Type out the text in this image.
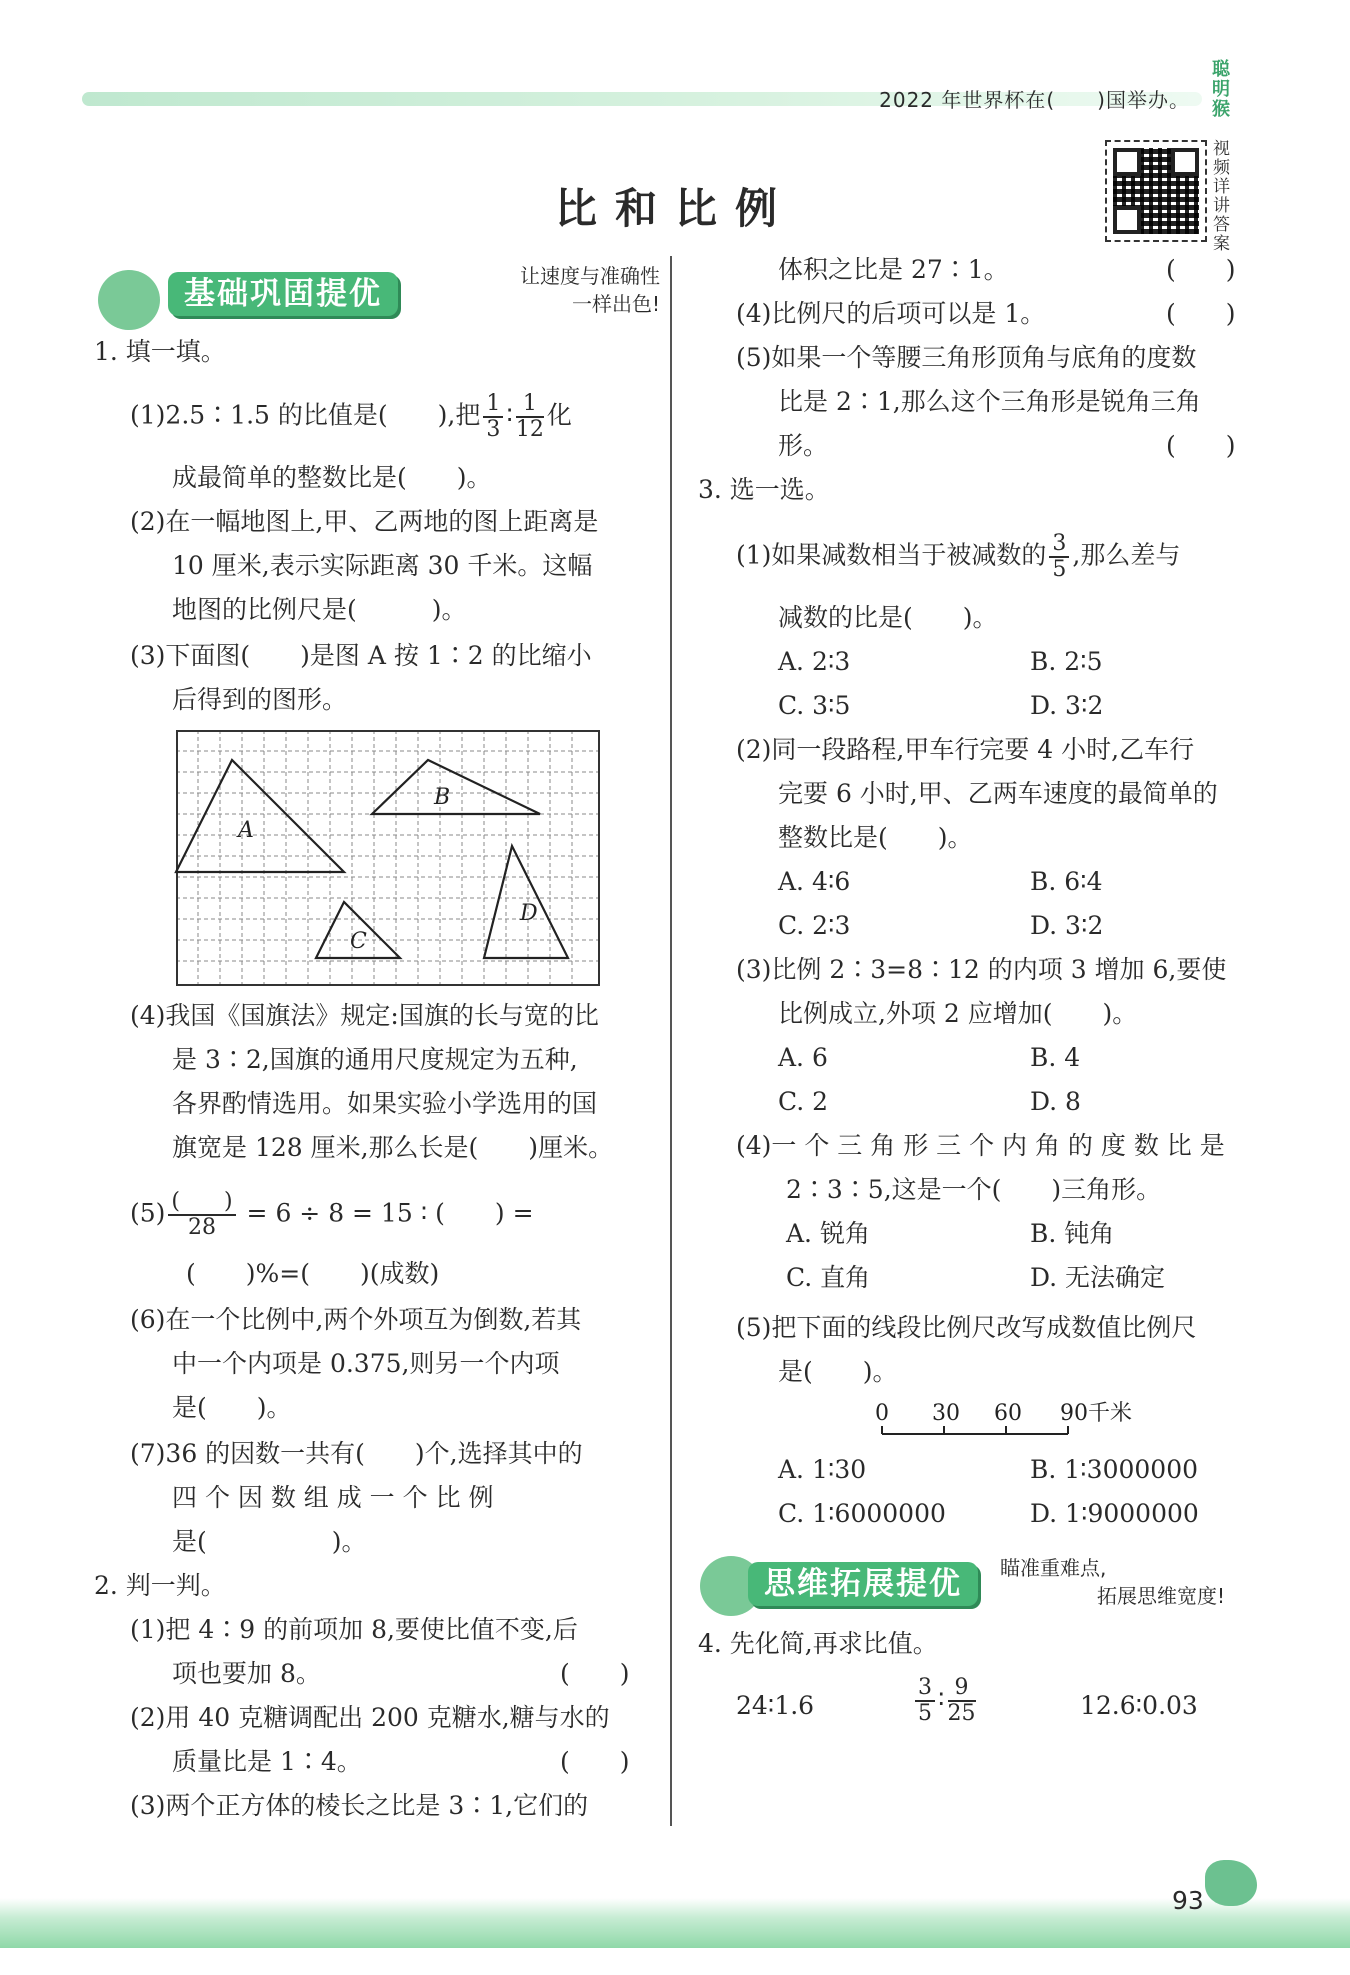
2022 年世界杯在(　　)国举办。
聪
明
猴
比和比例
视频详讲答案
基础巩固提优	让速度与准确性
一样出色!
1. 填一填。
(1)2.5∶1.5 的比值是(　　),把 $\frac{1}{3}$ ∶ $\frac{1}{12}$ 化
成最简单的整数比是(　　)。
(2)在一幅地图上,甲、乙两地的图上距离是
10 厘米,表示实际距离 30 千米。这幅
地图的比例尺是(　　　)。
(3)下面图(　　)是图 A 按 1∶2 的比缩小
后得到的图形。
A
B
C
D
(4)我国《国旗法》规定:国旗的长与宽的比
是 3∶2,国旗的通用尺度规定为五种,
各界酌情选用。如果实验小学选用的国
旗宽是 128 厘米,那么长是(　　)厘米。
$(5) \frac{( )}{28} = 6 \div 8 = 15$ ∶ (　　) =
(　　)%=(　　)(成数)
(6)在一个比例中,两个外项互为倒数,若其
中一个内项是 0.375,则另一个内项
是(　　)。
(7)36 的因数一共有(　　)个,选择其中的
四 个 因 数 组 成 一 个 比 例
是(　　　　　)。
2. 判一判。
(1)把 4∶9 的前项加 8,要使比值不变,后
项也要加 8。	(　　)
(2)用 40 克糖调配出 200 克糖水,糖与水的
质量比是 1∶4。	(　　)
(3)两个正方体的棱长之比是 3∶1,它们的
体积之比是 27∶1。	(　　)
(4)比例尺的后项可以是 1。	(　　)
(5)如果一个等腰三角形顶角与底角的度数
比是 2∶1,那么这个三角形是锐角三角
形。	(　　)
3. 选一选。
(1)如果减数相当于被减数的 $\frac{3}{5}$ ,那么差与
减数的比是(　　)。
A. 2∶3	B. 2∶5
C. 3∶5	D. 3∶2
(2)同一段路程,甲车行完要 4 小时,乙车行
完要 6 小时,甲、乙两车速度的最简单的
整数比是(　　)。
A. 4∶6	B. 6∶4
C. 2∶3	D. 3∶2
(3)比例 2∶3=8∶12 的内项 3 增加 6,要使
比例成立,外项 2 应增加(　　)。
A. 6	B. 4
C. 2	D. 8
(4)一 个 三 角 形 三 个 内 角 的 度 数 比 是
2∶3∶5,这是一个(　　)三角形。
A. 锐角	B. 钝角
C. 直角	D. 无法确定
(5)把下面的线段比例尺改写成数值比例尺
是(　　)。
0 30 60 90千米
A. 1∶30	B. 1∶3000000
C. 1∶6000000	D. 1∶9000000
思维拓展提优	瞄准重难点,
拓展思维宽度!
4. 先化简,再求比值。
24∶1.6	$\frac{3}{5}$ ∶ $\frac{9}{25}$	12.6∶0.03
93
